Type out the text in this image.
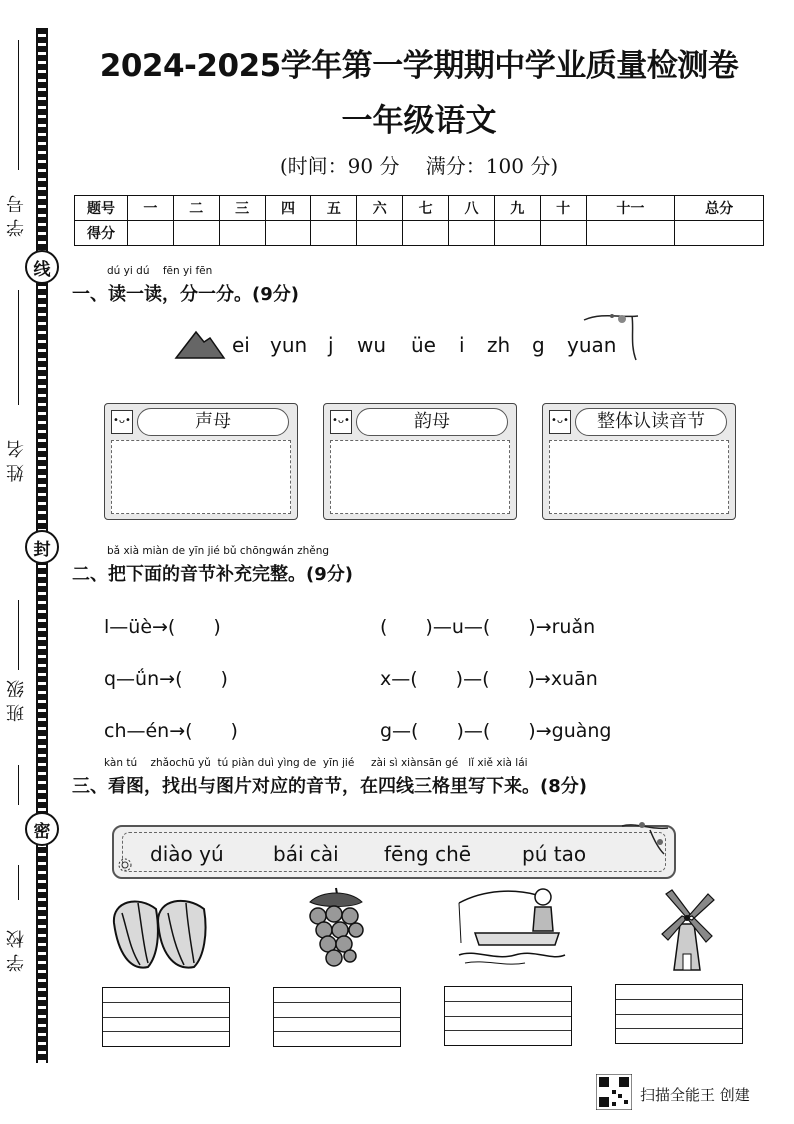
学 号
姓 名
班 级
学 校
线
封
密
2024-2025学年第一学期期中学业质量检测卷
一年级语文
(时间：90 分　 满分：100 分)
题号	一	二	三	四	五	六	七	八	九	十	十一	总分
得分												
dú yi dú fēn yi fēn
一、读一读，分一分。(9分)
ei yun j wu üe i zh g yuan
•ᴗ•	声母	•ᴗ•	韵母	•ᴗ•	整体认读音节
bǎ xià miàn de yīn jié bǔ chōngwán zhěng
二、把下面的音节补充完整。(9分)
l—üè→(　　)
q—ǘn→(　　)
ch—én→(　　)
(　　)—u—(　　)→ruǎn
x—(　　)—(　　)→xuān
g—(　　)—(　　)→guàng
kàn tú zhǎochū yǔ tú piàn duì yìng de yīn jié zài sì xiànsān gé lǐ xiě xià lái
三、看图，找出与图片对应的音节，在四线三格里写下来。(8分)
diào yú bái cài fēng chē	pú tao
扫描全能王 创建
